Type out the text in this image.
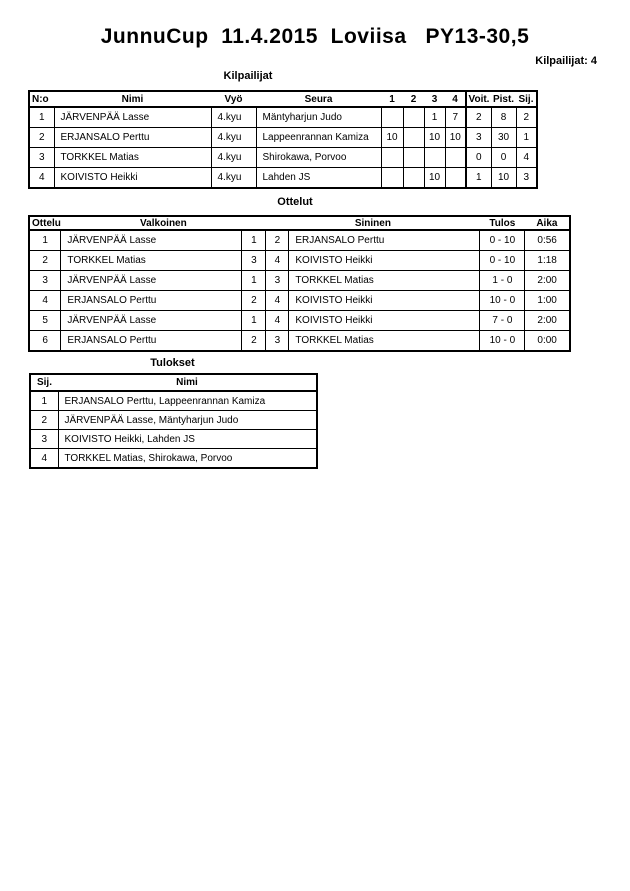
JunnuCup  11.4.2015  Loviisa   PY13-30,5
Kilpailijat: 4
Kilpailijat
N:o	Nimi	Vyö	Seura	1	2	3	4	Voit.	Pist.	Sij.
1	JÄRVENPÄÄ Lasse	4.kyu	Mäntyharjun Judo			1	7	2	8	2
2	ERJANSALO Perttu	4.kyu	Lappeenrannan Kamiza	10		10	10	3	30	1
3	TORKKEL Matias	4.kyu	Shirokawa, Porvoo					0	0	4
4	KOIVISTO Heikki	4.kyu	Lahden JS			10		1	10	3
Ottelut
Ottelu	Valkoinen		Sininen		Tulos	Aika
1	JÄRVENPÄÄ Lasse	1	2	ERJANSALO Perttu	0 - 10	0:56
2	TORKKEL Matias	3	4	KOIVISTO Heikki	0 - 10	1:18
3	JÄRVENPÄÄ Lasse	1	3	TORKKEL Matias	1 - 0	2:00
4	ERJANSALO Perttu	2	4	KOIVISTO Heikki	10 - 0	1:00
5	JÄRVENPÄÄ Lasse	1	4	KOIVISTO Heikki	7 - 0	2:00
6	ERJANSALO Perttu	2	3	TORKKEL Matias	10 - 0	0:00
Tulokset
Sij.	Nimi
1	ERJANSALO Perttu, Lappeenrannan Kamiza
2	JÄRVENPÄÄ Lasse, Mäntyharjun Judo
3	KOIVISTO Heikki, Lahden JS
4	TORKKEL Matias, Shirokawa, Porvoo
